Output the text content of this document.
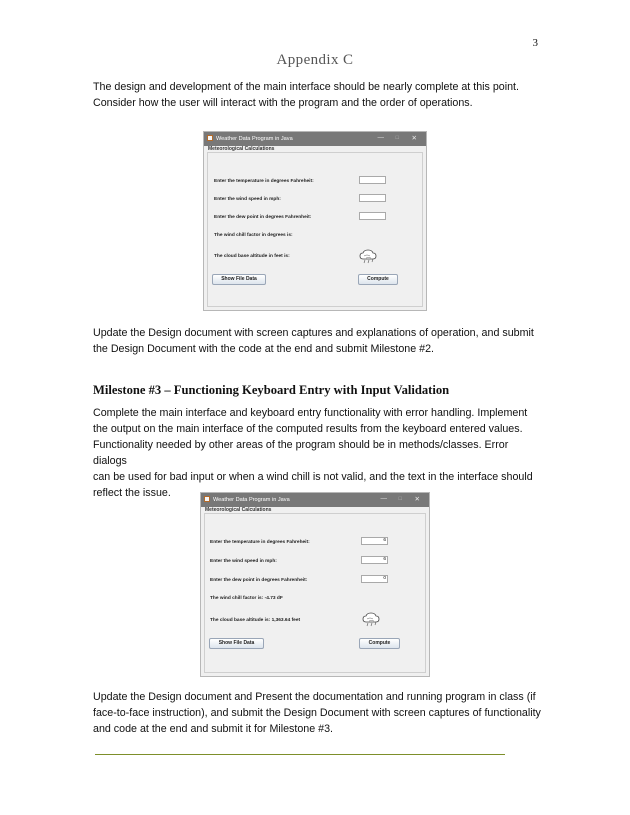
3
Appendix C
The design and development of the main interface should be nearly complete at this point.
Consider how the user will interact with the program and the order of operations.
Weather Data Program in Java	— □ ✕
Meteorological Calculations
Enter the temperature in degrees Fahreheit:
Enter the wind speed in mph:
Enter the dew point in degrees Fahrenheit:
The wind chill factor in degrees is:
The cloud base altitude in feet is:
Show File Data	Compute
Update the Design document with screen captures and explanations of operation, and submit
the Design Document with the code at the end and submit Milestone #2.
Milestone #3 – Functioning Keyboard Entry with Input Validation
Complete the main interface and keyboard entry functionality with error handling. Implement
the output on the main interface of the computed results from the keyboard entered values.
Functionality needed by other areas of the program should be in methods/classes. Error dialogs
can be used for bad input or when a wind chill is not valid, and the text in the interface should
reflect the issue.
Weather Data Program in Java	— □ ✕
Meteorological Calculations
Enter the temperature in degrees Fahreheit:	6
Enter the wind speed in mph:	6
Enter the dew point in degrees Fahrenheit:	0
The wind chill factor is: -4.73 dF
The cloud base altitude is: 1,363.64 feet
Show File Data	Compute
Update the Design document and Present the documentation and running program in class (if
face-to-face instruction), and submit the Design Document with screen captures of functionality
and code at the end and submit it for Milestone #3.
